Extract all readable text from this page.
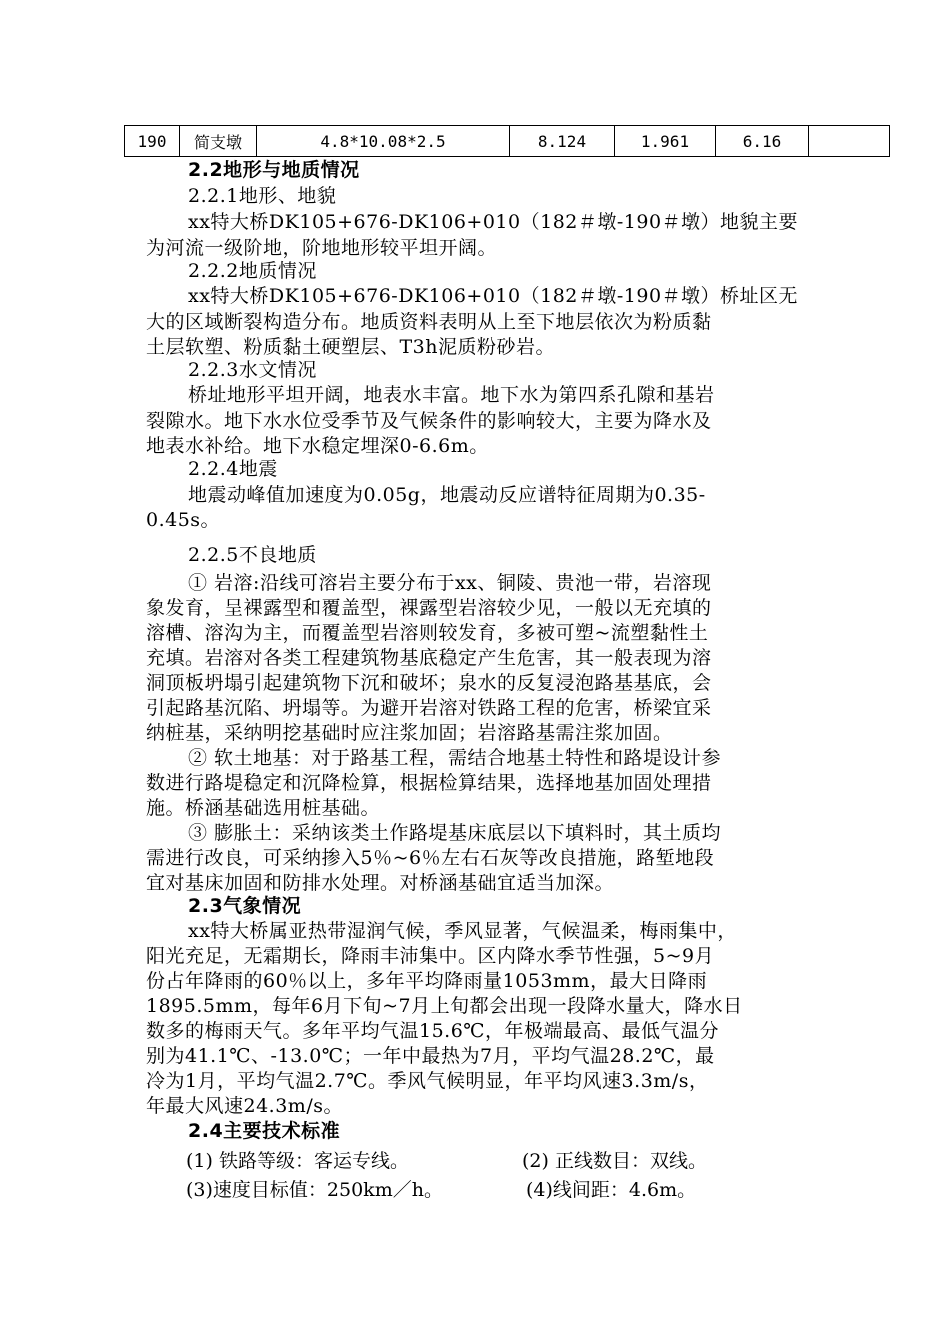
190	简支墩	4.8*10.08*2.5	8.124	1.961	6.16	
2.2地形与地质情况
2.2.1地形、地貌
xx特大桥DK105+676-DK106+010（182＃墩-190＃墩）地貌主要
为河流一级阶地，阶地地形较平坦开阔。
2.2.2地质情况
xx特大桥DK105+676-DK106+010（182＃墩-190＃墩）桥址区无
大的区域断裂构造分布。地质资料表明从上至下地层依次为粉质黏
土层软塑、粉质黏土硬塑层、T3h泥质粉砂岩。
2.2.3水文情况
桥址地形平坦开阔，地表水丰富。地下水为第四系孔隙和基岩
裂隙水。地下水水位受季节及气候条件的影响较大，主要为降水及
地表水补给。地下水稳定埋深0-6.6m。
2.2.4地震
地震动峰值加速度为0.05g，地震动反应谱特征周期为0.35-
0.45s。
2.2.5不良地质
① 岩溶:沿线可溶岩主要分布于xx、铜陵、贵池一带，岩溶现
象发育，呈裸露型和覆盖型，裸露型岩溶较少见，一般以无充填的
溶槽、溶沟为主，而覆盖型岩溶则较发育，多被可塑~流塑黏性土
充填。岩溶对各类工程建筑物基底稳定产生危害，其一般表现为溶
洞顶板坍塌引起建筑物下沉和破坏；泉水的反复浸泡路基基底，会
引起路基沉陷、坍塌等。为避开岩溶对铁路工程的危害，桥梁宜采
纳桩基，采纳明挖基础时应注浆加固；岩溶路基需注浆加固。
② 软土地基：对于路基工程，需结合地基土特性和路堤设计参
数进行路堤稳定和沉降检算，根据检算结果，选择地基加固处理措
施。桥涵基础选用桩基础。
③ 膨胀土：采纳该类土作路堤基床底层以下填料时，其土质均
需进行改良，可采纳掺入5％~6％左右石灰等改良措施，路堑地段
宜对基床加固和防排水处理。对桥涵基础宜适当加深。
2.3气象情况
xx特大桥属亚热带湿润气候，季风显著，气候温柔，梅雨集中，
阳光充足，无霜期长，降雨丰沛集中。区内降水季节性强，5~9月
份占年降雨的60％以上，多年平均降雨量1053mm，最大日降雨
1895.5mm，每年6月下旬~7月上旬都会出现一段降水量大，降水日
数多的梅雨天气。多年平均气温15.6℃，年极端最高、最低气温分
别为41.1℃、-13.0℃；一年中最热为7月，平均气温28.2℃，最
冷为1月，平均气温2.7℃。季风气候明显，年平均风速3.3m/s，
年最大风速24.3m/s。
2.4主要技术标准
(1) 铁路等级：客运专线。	(2) 正线数目：双线。
(3)速度目标值：250km／h。	(4)线间距：4.6m。
